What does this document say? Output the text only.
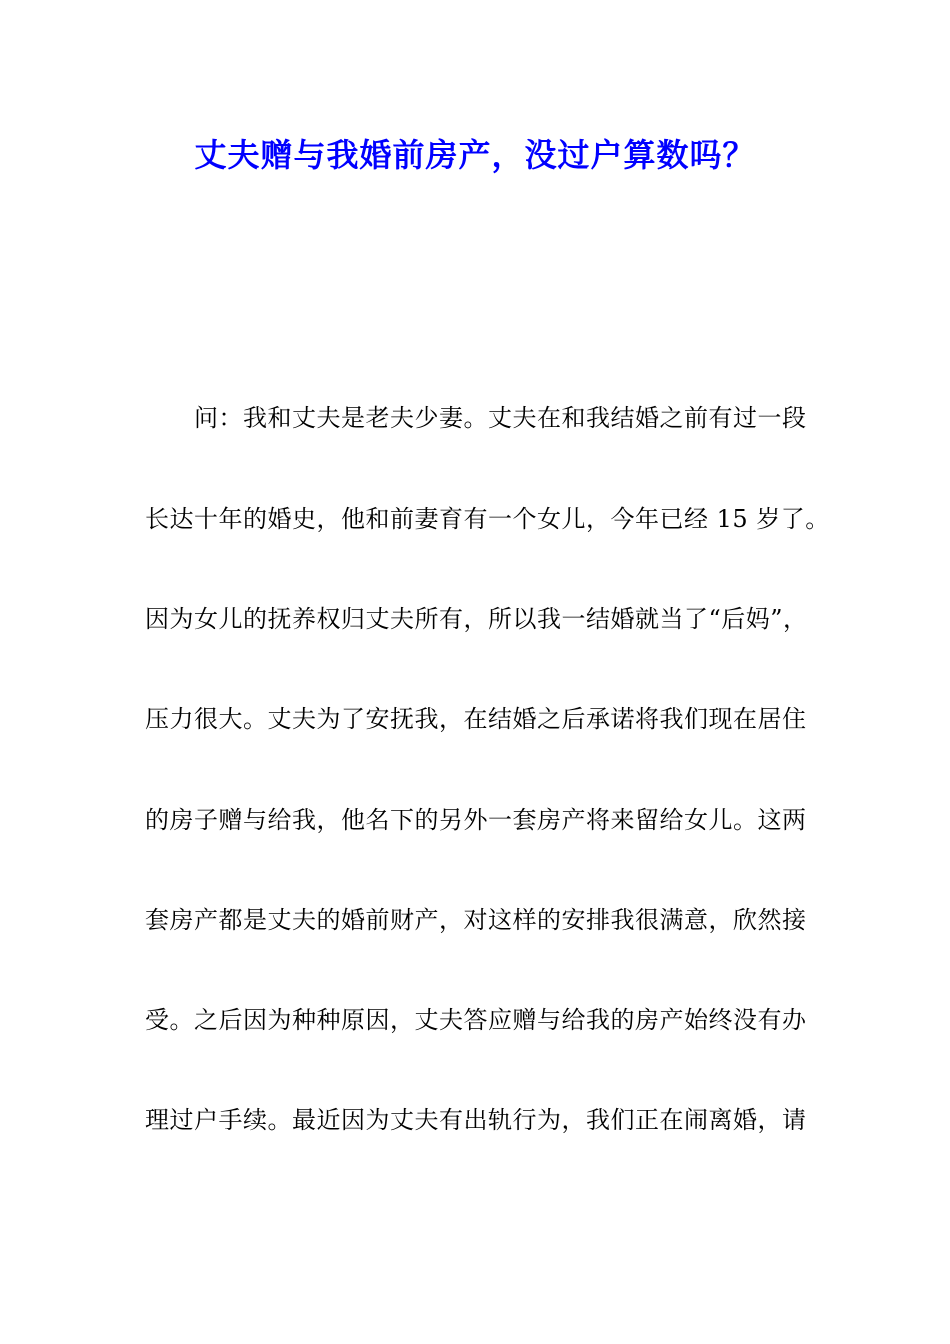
丈夫赠与我婚前房产，没过户算数吗？
问：我和丈夫是老夫少妻。丈夫在和我结婚之前有过一段
长达十年的婚史，他和前妻育有一个女儿，今年已经 15 岁了。
因为女儿的抚养权归丈夫所有，所以我一结婚就当了“后妈”，
压力很大。丈夫为了安抚我，在结婚之后承诺将我们现在居住
的房子赠与给我，他名下的另外一套房产将来留给女儿。这两
套房产都是丈夫的婚前财产，对这样的安排我很满意，欣然接
受。之后因为种种原因，丈夫答应赠与给我的房产始终没有办
理过户手续。最近因为丈夫有出轨行为，我们正在闹离婚，请
